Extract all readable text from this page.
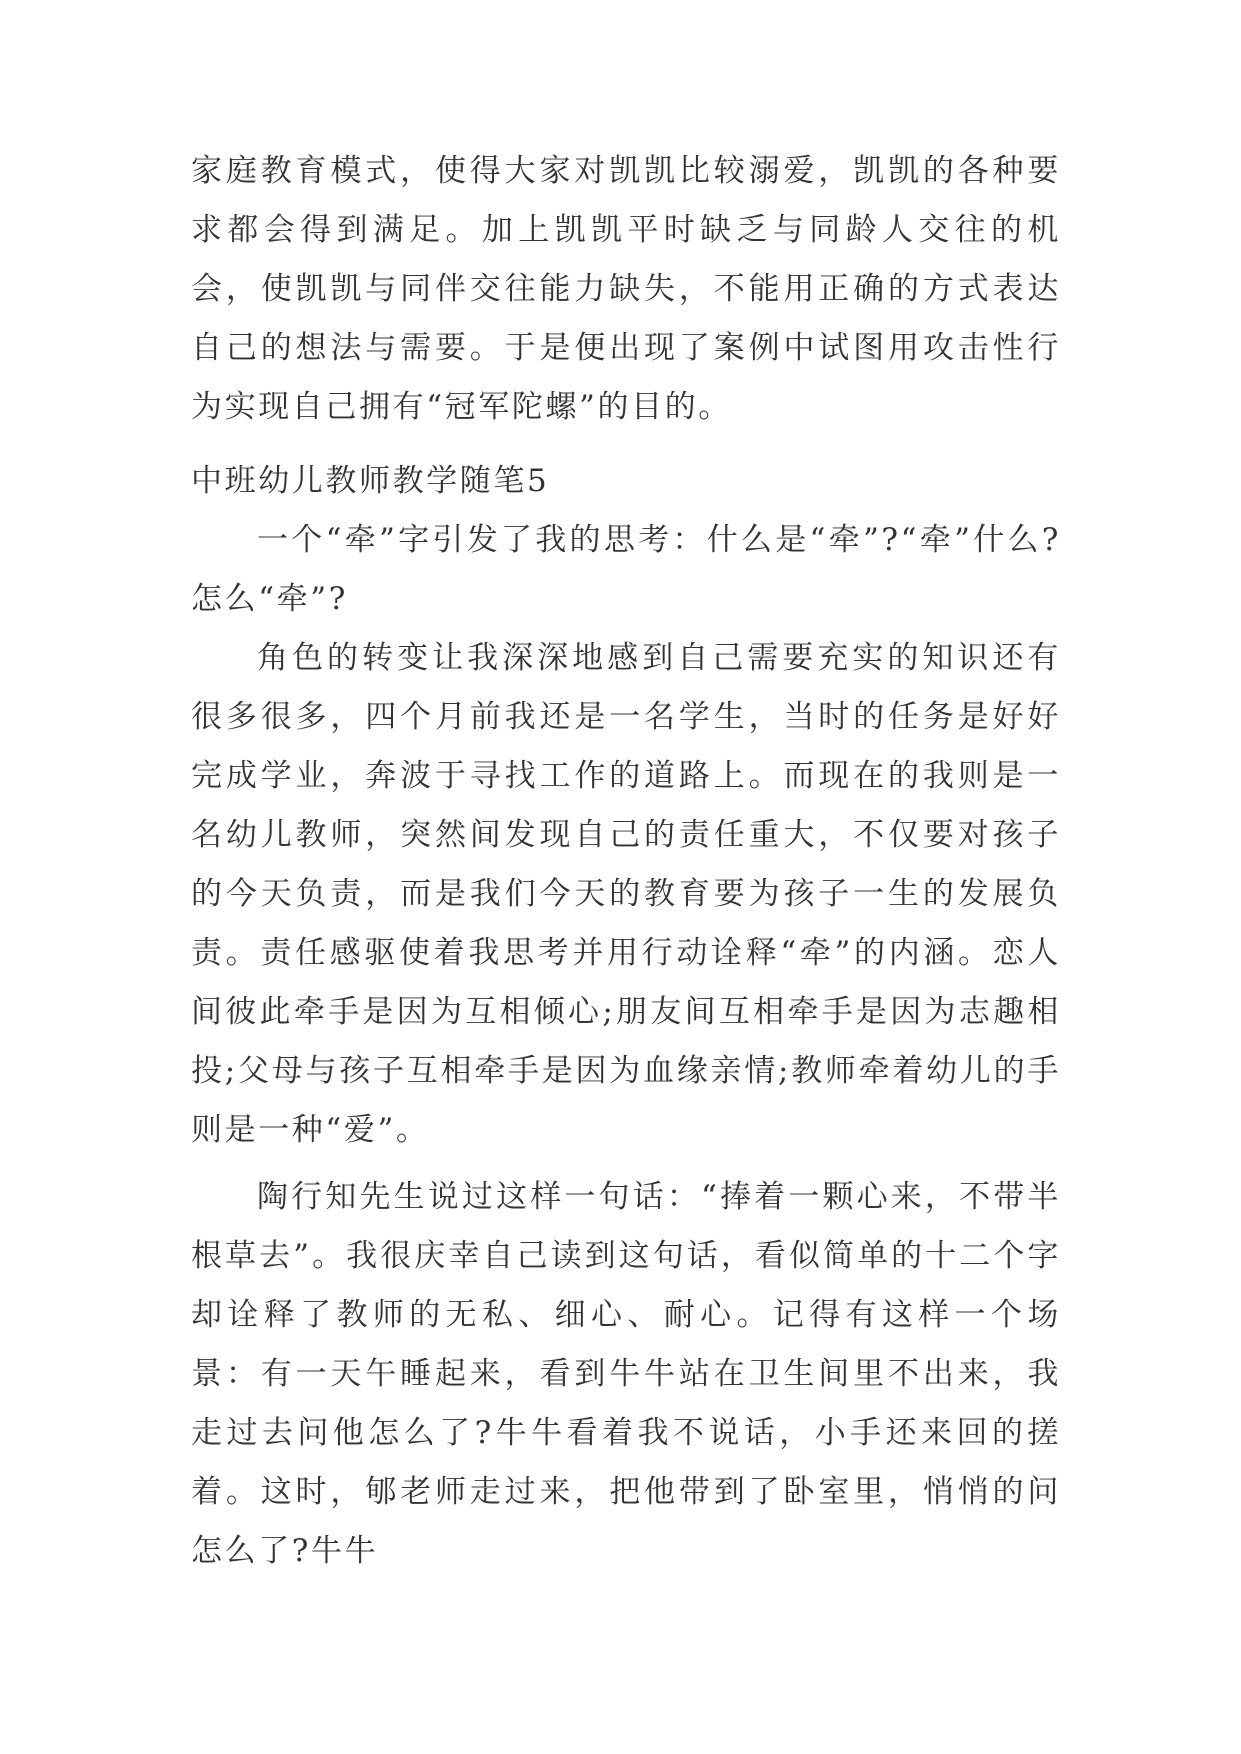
家庭教育模式，使得大家对凯凯比较溺爱，凯凯的各种要求都会得到满足。加上凯凯平时缺乏与同龄人交往的机会，使凯凯与同伴交往能力缺失，不能用正确的方式表达自己的想法与需要。于是便出现了案例中试图用攻击性行为实现自己拥有“冠军陀螺”的目的。

中班幼儿教师教学随笔5

一个“牵”字引发了我的思考：什么是“牵”?“牵”什么?怎么“牵”?

角色的转变让我深深地感到自己需要充实的知识还有很多很多，四个月前我还是一名学生，当时的任务是好好完成学业，奔波于寻找工作的道路上。而现在的我则是一名幼儿教师，突然间发现自己的责任重大，不仅要对孩子的今天负责，而是我们今天的教育要为孩子一生的发展负责。责任感驱使着我思考并用行动诠释“牵”的内涵。恋人间彼此牵手是因为互相倾心;朋友间互相牵手是因为志趣相投;父母与孩子互相牵手是因为血缘亲情;教师牵着幼儿的手则是一种“爱”。

陶行知先生说过这样一句话：“捧着一颗心来，不带半根草去”。我很庆幸自己读到这句话，看似简单的十二个字却诠释了教师的无私、细心、耐心。记得有这样一个场景：有一天午睡起来，看到牛牛站在卫生间里不出来，我走过去问他怎么了?牛牛看着我不说话，小手还来回的搓着。这时，郇老师走过来，把他带到了卧室里，悄悄的问怎么了?牛牛
